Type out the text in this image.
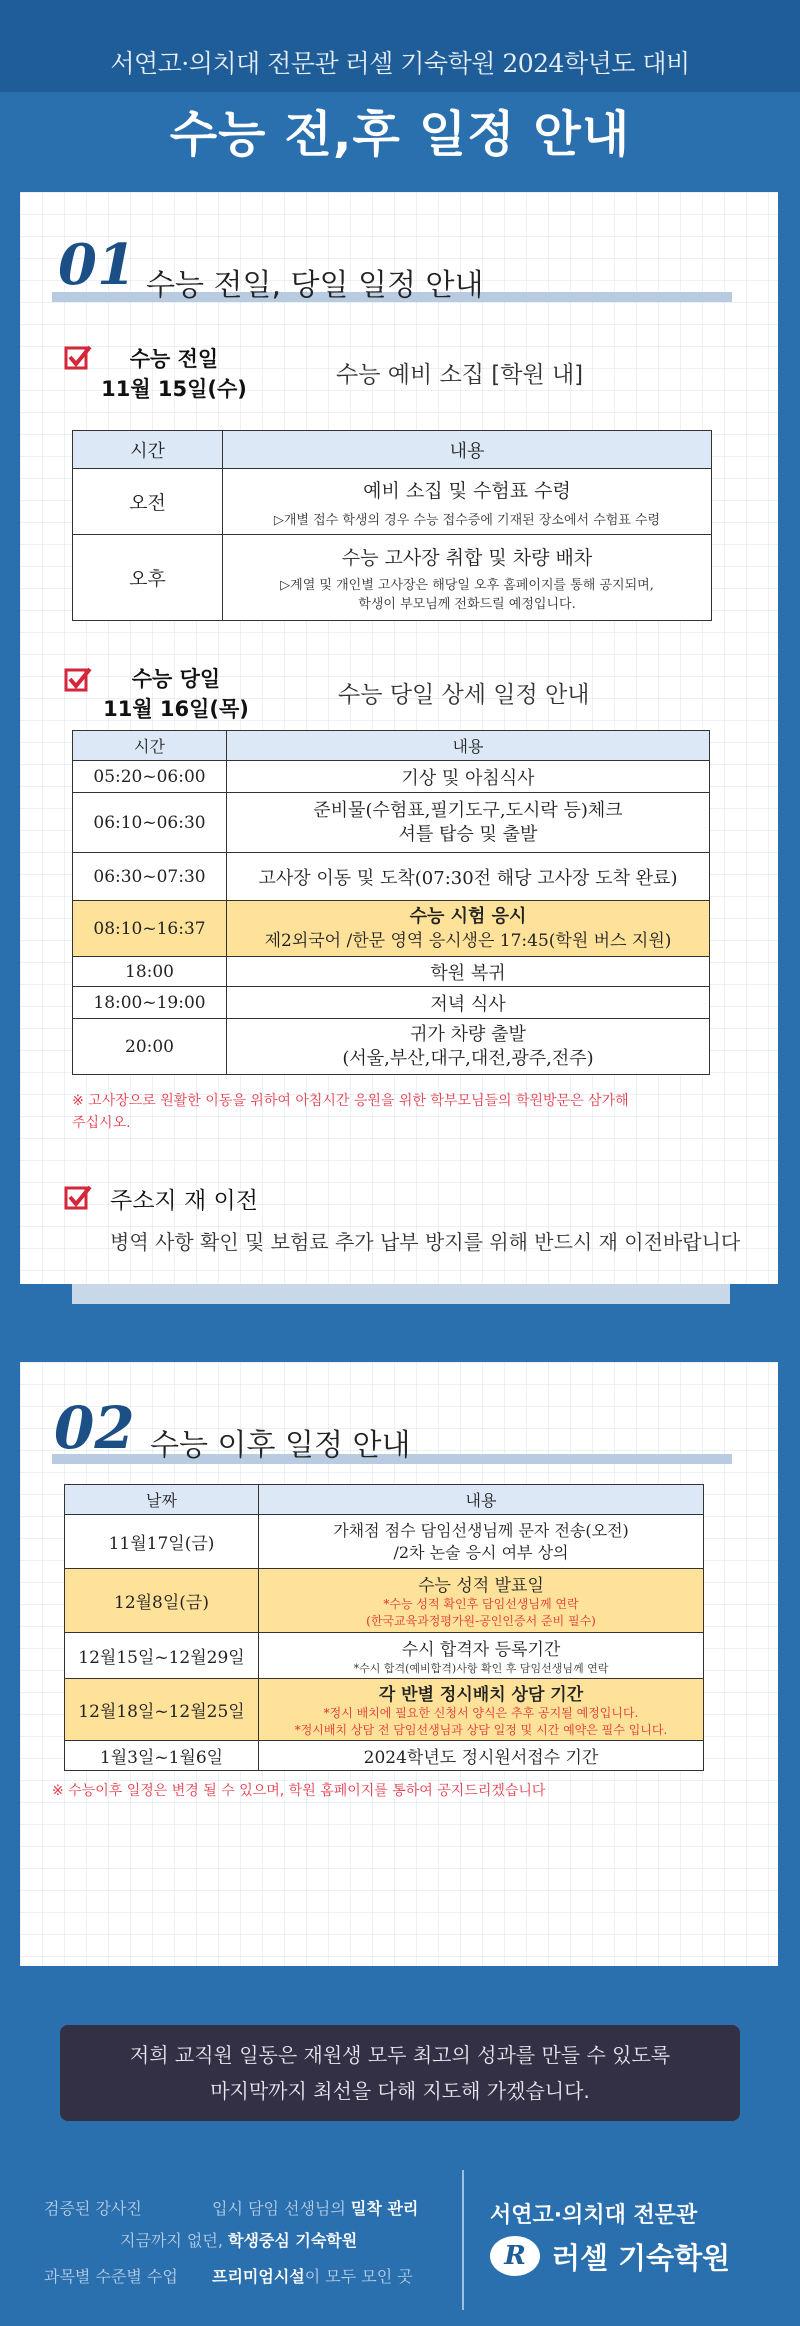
서연고·의치대 전문관 러셀 기숙학원 2024학년도 대비
수능 전,후 일정 안내
01 수능 전일, 당일 일정 안내
수능 전일
11월 15일(수)
수능 예비 소집 [학원 내]
시간	내용
오전	예비 소집 및 수험표 수령
▷개별 접수 학생의 경우 수능 접수증에 기재된 장소에서 수험표 수령

오후	수능 고사장 취합 및 차량 배차
▷계열 및 개인별 고사장은 해당일 오후 홈페이지를 통해 공지되며,
학생이 부모님께 전화드릴 예정입니다.
수능 당일
11월 16일(목)
수능 당일 상세 일정 안내
시간	내용
05:20~06:00	기상 및 아침식사
06:10~06:30	준비물(수험표,필기도구,도시락 등)체크
셔틀 탑승 및 출발

06:30~07:30	고사장 이동 및 도착(07:30전 해당 고사장 도착 완료)
08:10~16:37	수능 시험 응시
제2외국어 /한문 영역 응시생은 17:45(학원 버스 지원)

18:00	학원 복귀
18:00~19:00	저녁 식사
20:00	귀가 차량 출발
(서울,부산,대구,대전,광주,전주)
※ 고사장으로 원활한 이동을 위하여 아침시간 응원을 위한 학부모님들의 학원방문은 삼가해
주십시오.
주소지 재 이전
병역 사항 확인 및 보험료 추가 납부 방지를 위해 반드시 재 이전바랍니다
02 수능 이후 일정 안내
날짜	내용
11월17일(금)	가채점 점수 담임선생님께 문자 전송(오전)
/2차 논술 응시 여부 상의

12월8일(금)	수능 성적 발표일
*수능 성적 확인후 담임선생님께 연락
(한국교육과정평가원-공인인증서 준비 필수)

12월15일~12월29일	수시 합격자 등록기간
*수시 합격(예비합격)사항 확인 후 담임선생님께 연락

12월18일~12월25일	각 반별 정시배치 상담 기간
*정시 배치에 필요한 신청서 양식은 추후 공지될 예정입니다.
*정시배치 상담 전 담임선생님과 상담 일정 및 시간 예약은 필수 입니다.

1월3일~1월6일	2024학년도 정시원서접수 기간
※ 수능이후 일정은 변경 될 수 있으며, 학원 홈페이지를 통하여 공지드리겠습니다
저희 교직원 일동은 재원생 모두 최고의 성과를 만들 수 있도록
마지막까지 최선을 다해 지도해 가겠습니다.
검증된 강사진	입시 담임 선생님의 밀착 관리
지금까지 없던, 학생중심 기숙학원
과목별 수준별 수업 프리미엄시설이 모두 모인 곳
서연고·의치대 전문관
R 러셀 기숙학원
